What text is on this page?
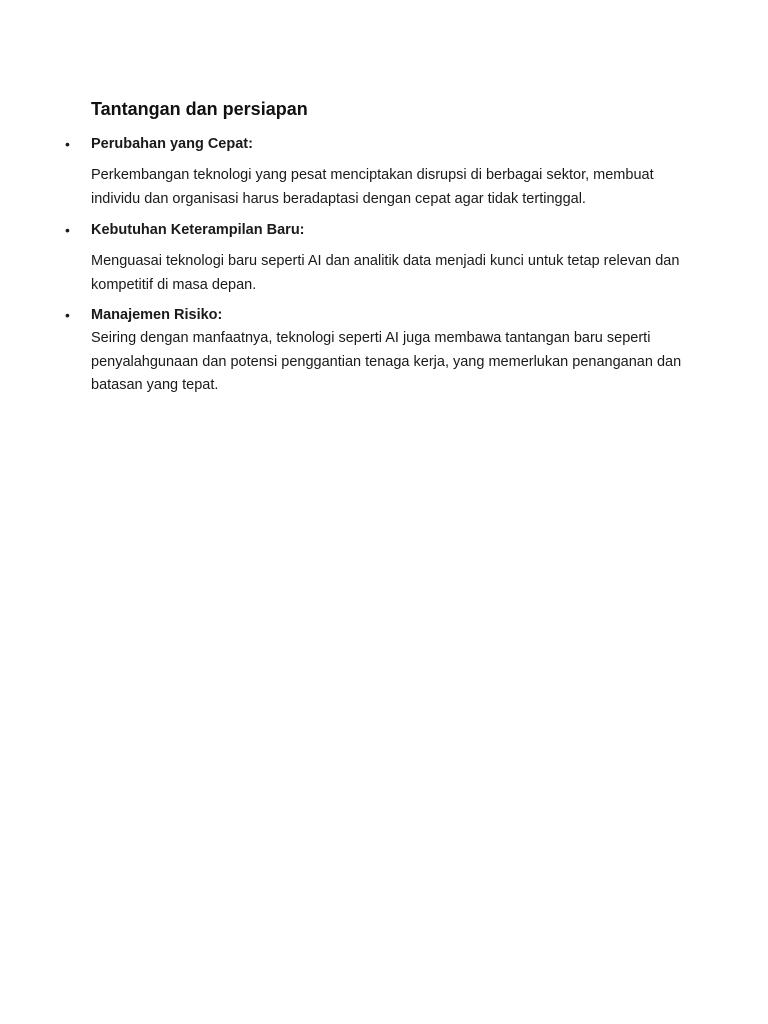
Tantangan dan persiapan
• Perubahan yang Cepat:
Perkembangan teknologi yang pesat menciptakan disrupsi di berbagai sektor, membuat individu dan organisasi harus beradaptasi dengan cepat agar tidak tertinggal.
• Kebutuhan Keterampilan Baru:
Menguasai teknologi baru seperti AI dan analitik data menjadi kunci untuk tetap relevan dan kompetitif di masa depan.
• Manajemen Risiko:
Seiring dengan manfaatnya, teknologi seperti AI juga membawa tantangan baru seperti penyalahgunaan dan potensi penggantian tenaga kerja, yang memerlukan penanganan dan batasan yang tepat.
